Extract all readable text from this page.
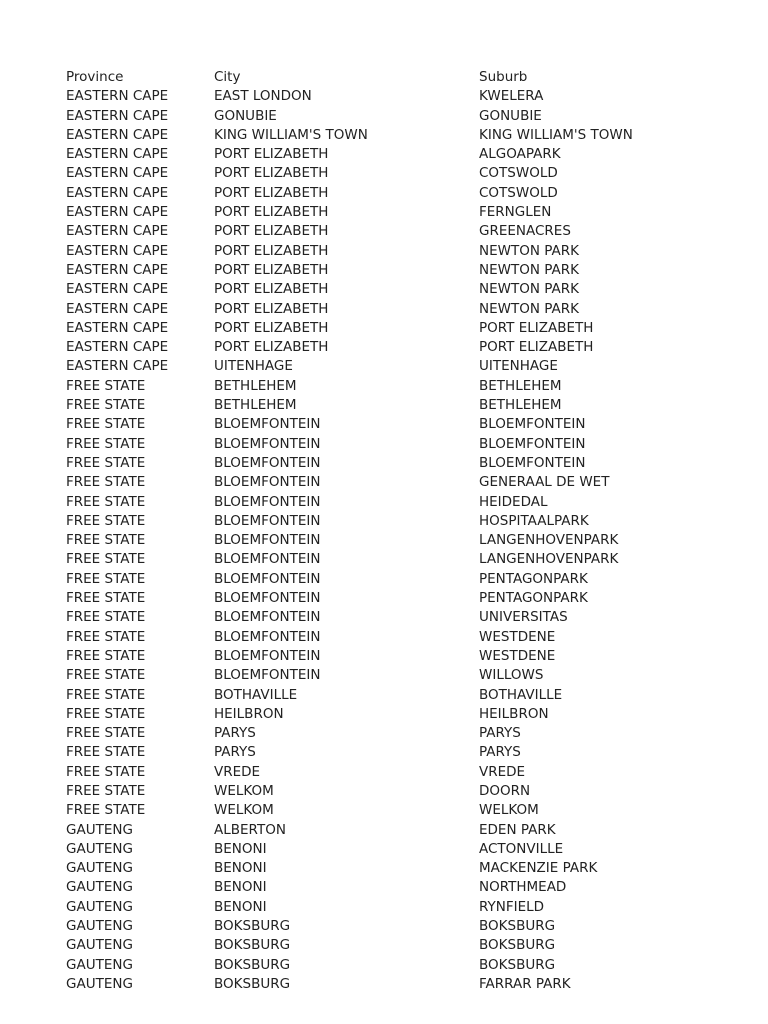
Province	City	Suburb
EASTERN CAPE	EAST LONDON	KWELERA
EASTERN CAPE	GONUBIE	GONUBIE
EASTERN CAPE	KING WILLIAM'S TOWN	KING WILLIAM'S TOWN
EASTERN CAPE	PORT ELIZABETH	ALGOAPARK
EASTERN CAPE	PORT ELIZABETH	COTSWOLD
EASTERN CAPE	PORT ELIZABETH	COTSWOLD
EASTERN CAPE	PORT ELIZABETH	FERNGLEN
EASTERN CAPE	PORT ELIZABETH	GREENACRES
EASTERN CAPE	PORT ELIZABETH	NEWTON PARK
EASTERN CAPE	PORT ELIZABETH	NEWTON PARK
EASTERN CAPE	PORT ELIZABETH	NEWTON PARK
EASTERN CAPE	PORT ELIZABETH	NEWTON PARK
EASTERN CAPE	PORT ELIZABETH	PORT ELIZABETH
EASTERN CAPE	PORT ELIZABETH	PORT ELIZABETH
EASTERN CAPE	UITENHAGE	UITENHAGE
FREE STATE	BETHLEHEM	BETHLEHEM
FREE STATE	BETHLEHEM	BETHLEHEM
FREE STATE	BLOEMFONTEIN	BLOEMFONTEIN
FREE STATE	BLOEMFONTEIN	BLOEMFONTEIN
FREE STATE	BLOEMFONTEIN	BLOEMFONTEIN
FREE STATE	BLOEMFONTEIN	GENERAAL DE WET
FREE STATE	BLOEMFONTEIN	HEIDEDAL
FREE STATE	BLOEMFONTEIN	HOSPITAALPARK
FREE STATE	BLOEMFONTEIN	LANGENHOVENPARK
FREE STATE	BLOEMFONTEIN	LANGENHOVENPARK
FREE STATE	BLOEMFONTEIN	PENTAGONPARK
FREE STATE	BLOEMFONTEIN	PENTAGONPARK
FREE STATE	BLOEMFONTEIN	UNIVERSITAS
FREE STATE	BLOEMFONTEIN	WESTDENE
FREE STATE	BLOEMFONTEIN	WESTDENE
FREE STATE	BLOEMFONTEIN	WILLOWS
FREE STATE	BOTHAVILLE	BOTHAVILLE
FREE STATE	HEILBRON	HEILBRON
FREE STATE	PARYS	PARYS
FREE STATE	PARYS	PARYS
FREE STATE	VREDE	VREDE
FREE STATE	WELKOM	DOORN
FREE STATE	WELKOM	WELKOM
GAUTENG	ALBERTON	EDEN PARK
GAUTENG	BENONI	ACTONVILLE
GAUTENG	BENONI	MACKENZIE PARK
GAUTENG	BENONI	NORTHMEAD
GAUTENG	BENONI	RYNFIELD
GAUTENG	BOKSBURG	BOKSBURG
GAUTENG	BOKSBURG	BOKSBURG
GAUTENG	BOKSBURG	BOKSBURG
GAUTENG	BOKSBURG	FARRAR PARK
